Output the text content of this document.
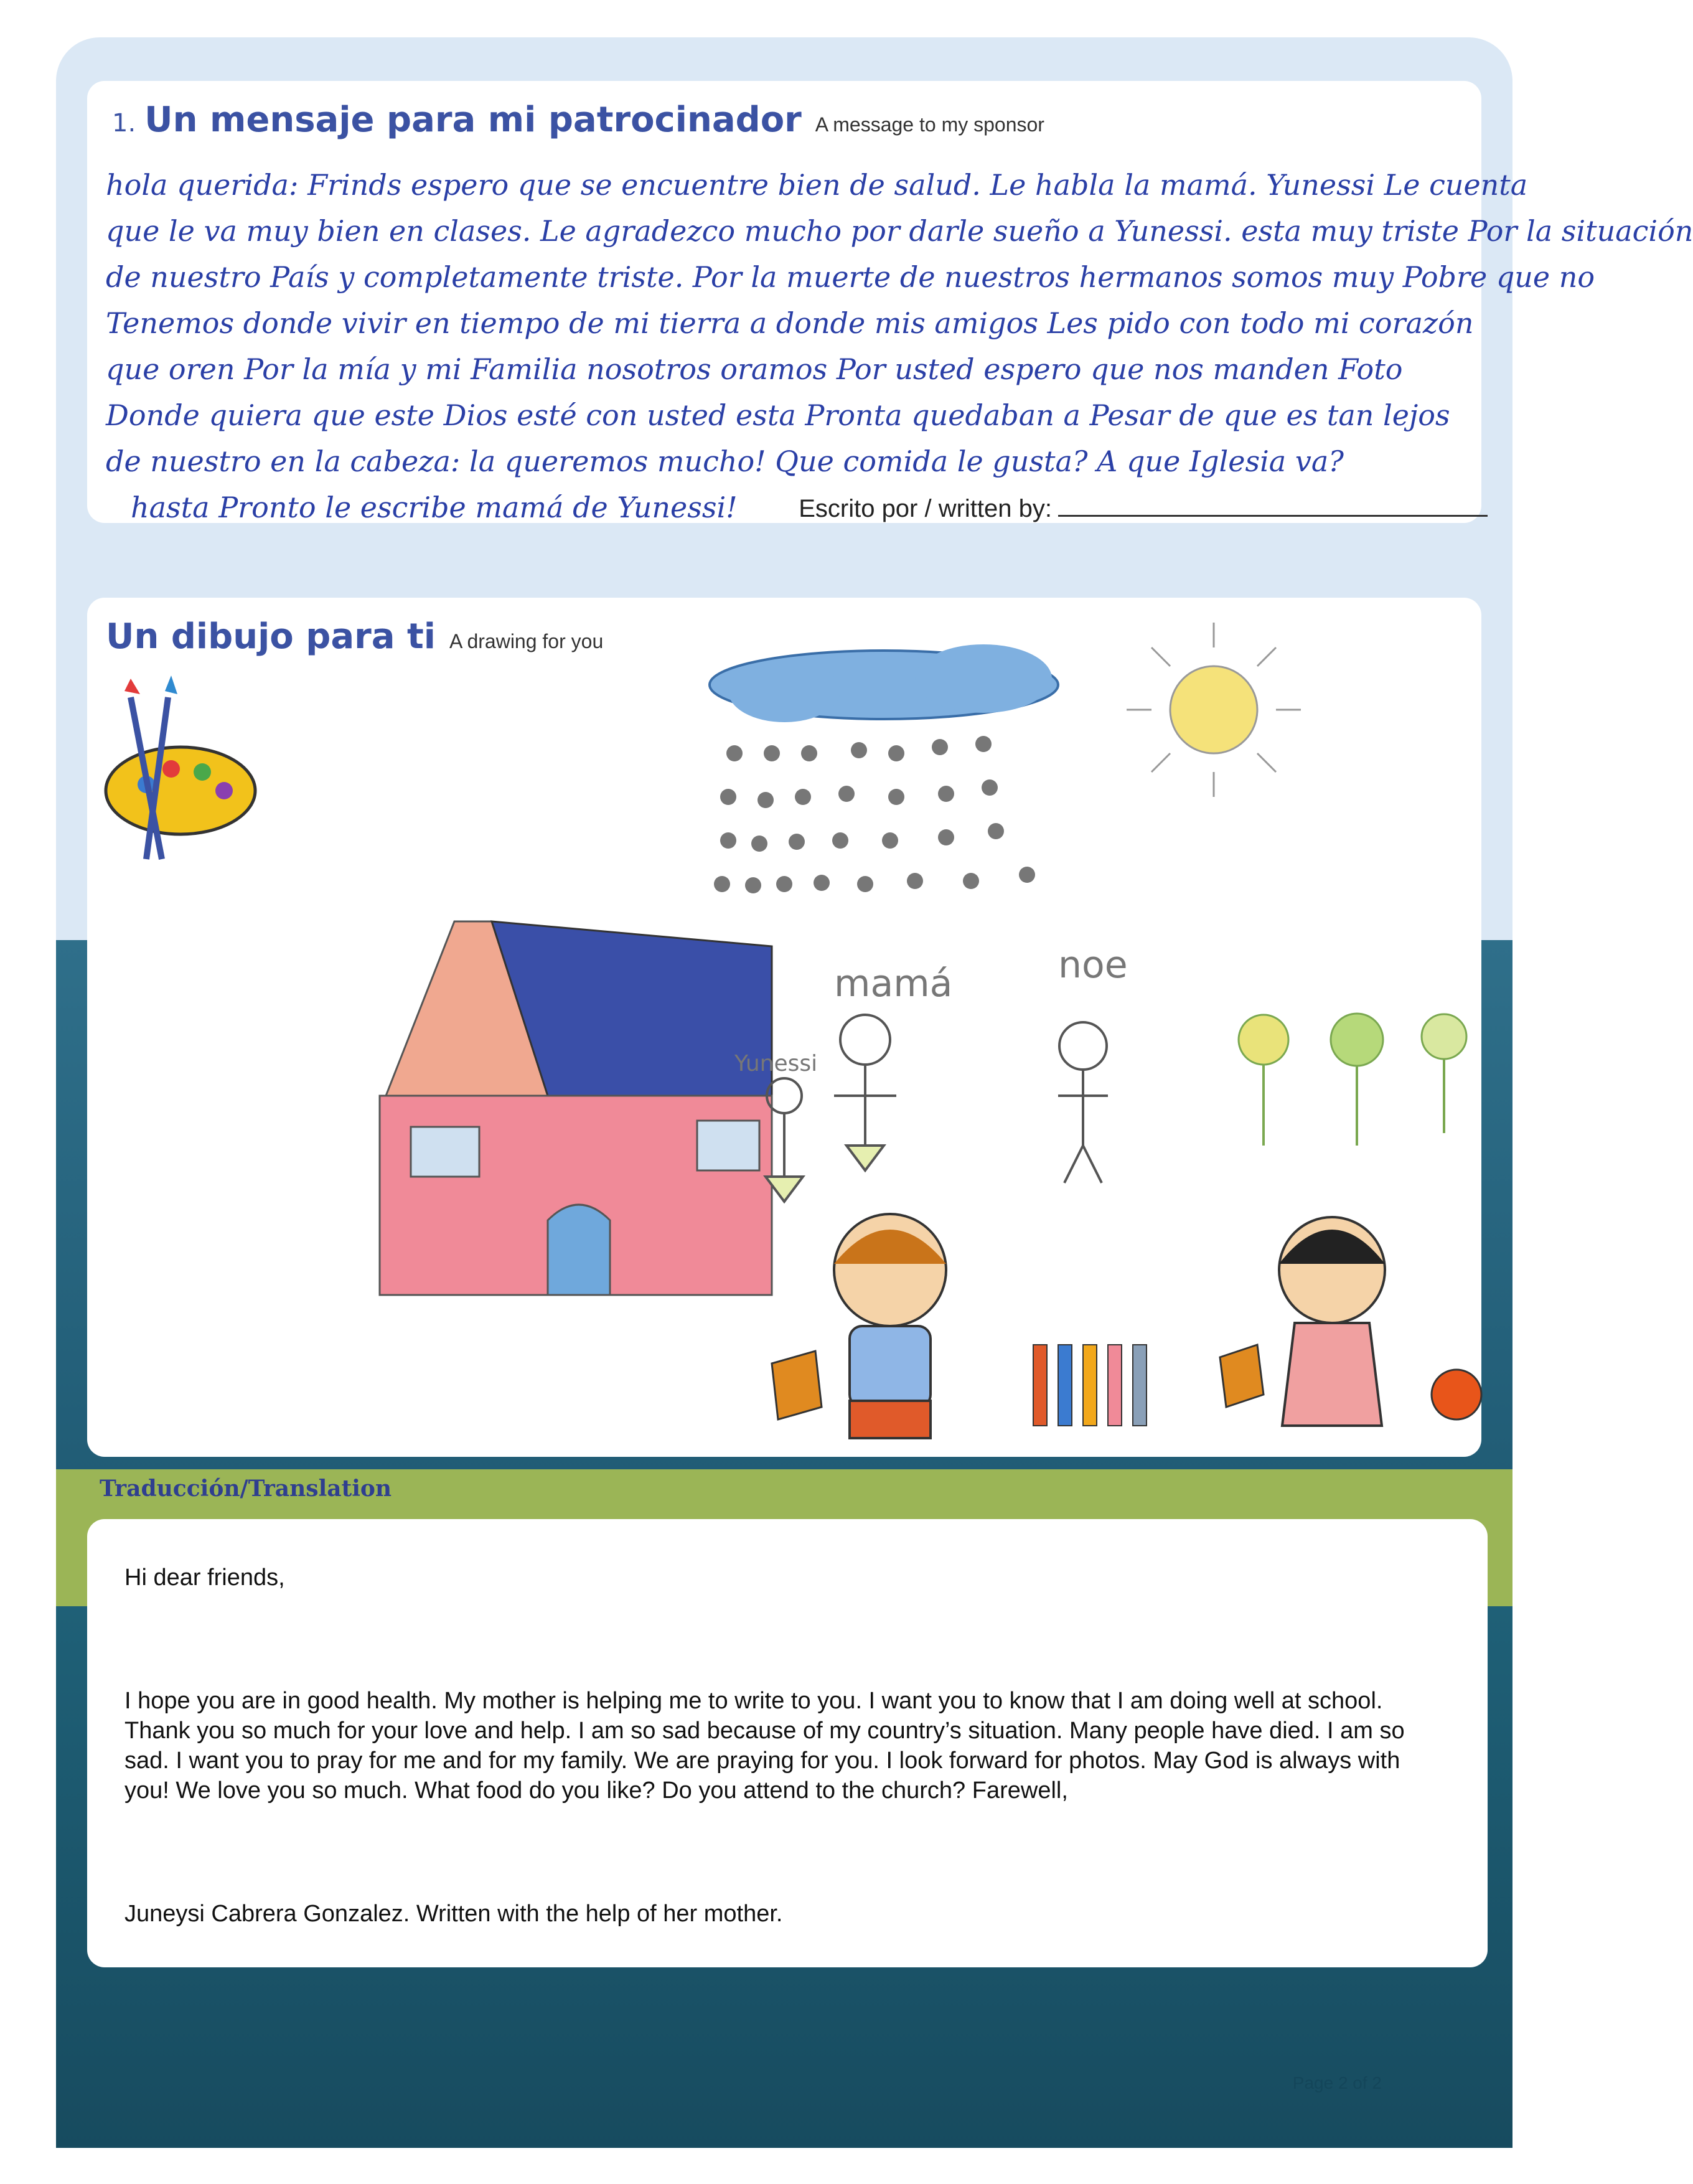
1. Un mensaje para mi patrocinador A message to my sponsor
hola querida: Frinds espero que se encuentre bien de salud. Le habla la mamá. Yunessi Le cuenta
que le va muy bien en clases. Le agradezco mucho por darle sueño a Yunessi. esta muy triste Por la situación
de nuestro País y completamente triste. Por la muerte de nuestros hermanos somos muy Pobre que no
Tenemos donde vivir en tiempo de mi tierra a donde mis amigos Les pido con todo mi corazón
que oren Por la mía y mi Familia nosotros oramos Por usted espero que nos manden Foto
Donde quiera que este Dios esté con usted esta Pronta quedaban a Pesar de que es tan lejos
de nuestro en la cabeza: la queremos mucho! Que comida le gusta? A que Iglesia va?
hasta Pronto le escribe mamá de Yunessi!	Escrito por / written by:
Un dibujo para ti A drawing for you
mamá	noe
Yunessi
Traducción/Translation

Hi dear friends,

I hope you are in good health. My mother is helping me to write to you. I want you to know that I am doing well at school. Thank you so much for your love and help. I am so sad because of my country’s situation. Many people have died. I am so sad. I want you to pray for me and for my family. We are praying for you. I look forward for photos. May God is always with you! We love you so much. What food do you like? Do you attend to the church? Farewell,

Juneysi Cabrera Gonzalez. Written with the help of her mother.

Page 2 of 2
